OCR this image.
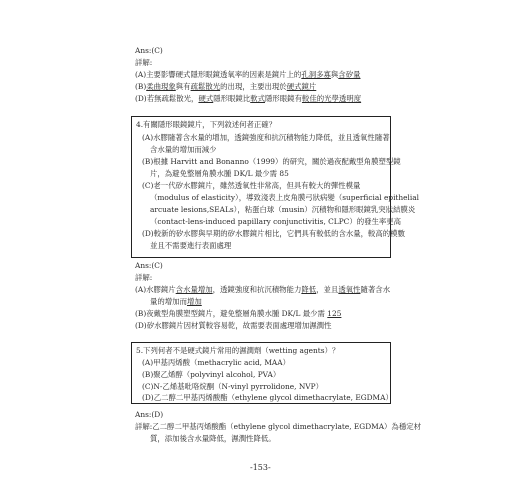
Ans:(C)
詳解:
(A)主要影響硬式隱形眼鏡透氧率的因素是鏡片上的孔洞多寡與含矽量
(B)柔曲現象與有疏鬆散光的出現，主要出現於硬式鏡片
(D)若無疏鬆散光，硬式隱形眼鏡比軟式隱形眼鏡有較佳的光學透明度
4.有關隱形眼鏡鏡片，下列敘述何者正確？
(A)水膠隨著含水量的增加，透鏡強度和抗沉積物能力降低，並且透氧性隨著
含水量的增加而減少
(B)根據 Harvitt and Bonanno（1999）的研究，關於過夜配戴型角膜塑型鏡
片，為避免整層角膜水腫 DK/L 最少需 85
(C)老一代矽水膠鏡片，雖然透氧性非常高，但具有較大的彈性模量
（modulus of elasticity），導致淺表上皮角膜弓狀病變（superficial epithelial
arcuate lesions,SEALs），粘蛋白球（musin）沉積物和隱形眼鏡乳突狀結膜炎
（contact-lens-induced papillary conjunctivitis, CLPC）的發生率更高
(D)較新的矽水膠與早期的矽水膠鏡片相比，它們具有較低的含水量，較高的模數
並且不需要進行表面處理
Ans:(C)
詳解:
(A)水膠鏡片含水量增加，透鏡強度和抗沉積物能力降低，並且透氧性隨著含水
量的增加而增加
(B)夜戴型角膜塑型鏡片，避免整層角膜水腫 DK/L 最少需 125
(D)矽水膠鏡片因材質較容易乾，故需要表面處理增加濕潤性
5.下列何者不是硬式鏡片常用的濕潤劑（wetting agents）？
(A)甲基丙烯酸（methacrylic acid, MAA）
(B)聚乙烯醇（polyvinyl alcohol, PVA）
(C)N-乙烯基吡咯烷酮（N-vinyl pyrrolidone, NVP）
(D)乙二醇二甲基丙烯酸酯（ethylene glycol dimethacrylate, EGDMA）
Ans:(D)
詳解:乙二醇二甲基丙烯酸酯（ethylene glycol dimethacrylate, EGDMA）為穩定材
質，添加後含水量降低，濕潤性降低。
-153-
